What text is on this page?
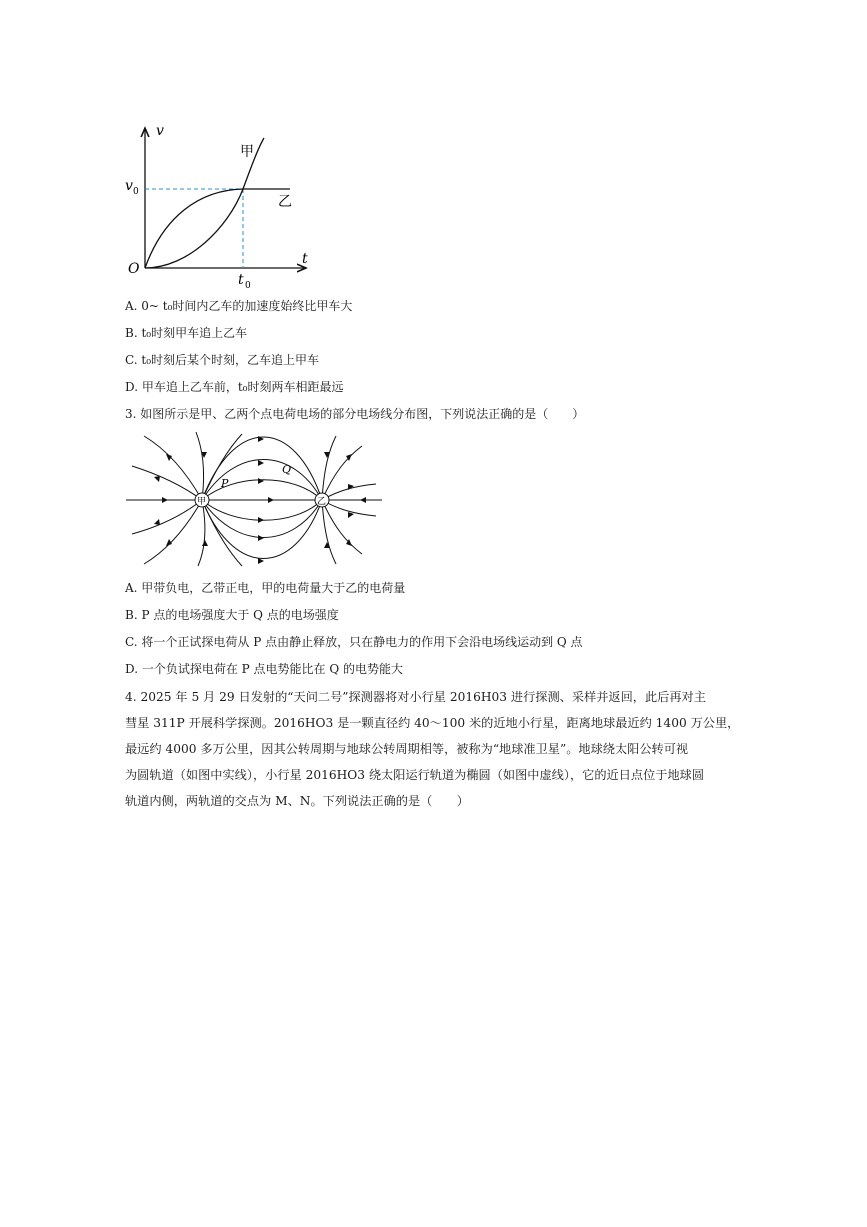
v
t
O
v 0
t 0
甲
乙
A. 0~ t₀时间内乙车的加速度始终比甲车大
B. t₀时刻甲车追上乙车
C. t₀时刻后某个时刻，乙车追上甲车
D. 甲车追上乙车前，t₀时刻两车相距最远
3. 如图所示是甲、乙两个点电荷电场的部分电场线分布图，下列说法正确的是（　　）
甲	乙
P
Q
A. 甲带负电，乙带正电，甲的电荷量大于乙的电荷量
B. P 点的电场强度大于 Q 点的电场强度
C. 将一个正试探电荷从 P 点由静止释放，只在静电力的作用下会沿电场线运动到 Q 点
D. 一个负试探电荷在 P 点电势能比在 Q 的电势能大
4. 2025 年 5 月 29 日发射的“天问二号”探测器将对小行星 2016H03 进行探测、采样并返回，此后再对主
彗星 311P 开展科学探测。2016HO3 是一颗直径约 40～100 米的近地小行星，距离地球最近约 1400 万公里，
最远约 4000 多万公里，因其公转周期与地球公转周期相等，被称为“地球准卫星”。地球绕太阳公转可视
为圆轨道（如图中实线），小行星 2016HO3 绕太阳运行轨道为椭圆（如图中虚线），它的近日点位于地球圆
轨道内侧，两轨道的交点为 M、N。下列说法正确的是（　　）
